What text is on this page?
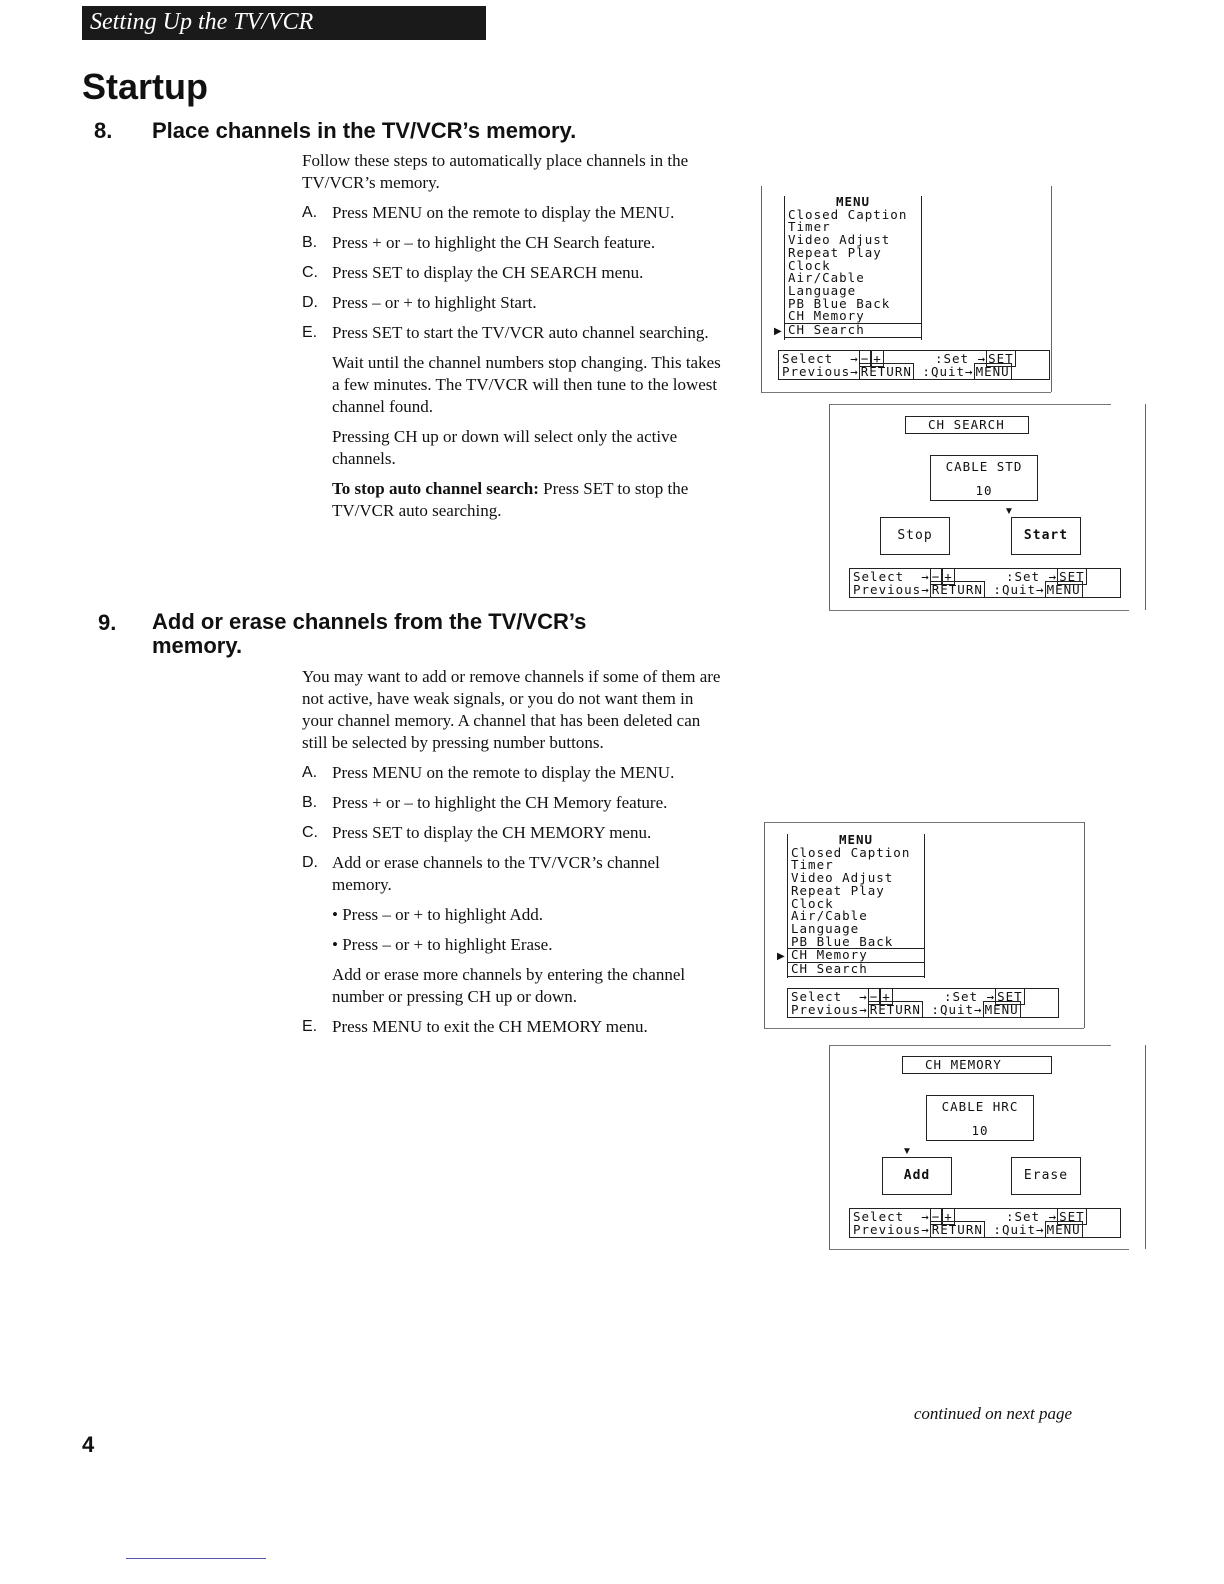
Setting Up the TV/VCR
Startup
8. Place channels in the TV/VCR’s memory.

Follow these steps to automatically place channels in the TV/VCR’s memory.

A. Press MENU on the remote to display the MENU.
B. Press + or – to highlight the CH Search feature.
C. Press SET to display the CH SEARCH menu.
D. Press – or + to highlight Start.
E. Press SET to start the TV/VCR auto channel searching.

Wait until the channel numbers stop changing. This takes a few minutes. The TV/VCR will then tune to the lowest channel found.

Pressing CH up or down will select only the active channels.

To stop auto channel search: Press SET to stop the TV/VCR auto searching.

9. Add or erase channels from the TV/VCR’s
memory.

You may want to add or remove channels if some of them are not active, have weak signals, or you do not want them in your channel memory. A channel that has been deleted can still be selected by pressing number buttons.

A. Press MENU on the remote to display the MENU.
B. Press + or – to highlight the CH Memory feature.
C. Press SET to display the CH MEMORY menu.
D. Add or erase channels to the TV/VCR’s channel memory.

• Press – or + to highlight Add.

• Press – or + to highlight Erase.

Add or erase more channels by entering the channel number or pressing CH up or down.

E. Press MENU to exit the CH MEMORY menu.
MENU
Closed Caption
Timer
Video Adjust
Repeat Play
Clock
Air/Cable
Language
PB Blue Back
CH Memory
CH Search
▶
Select  → − +	:Set → SET
Previous→ RETURN :Quit→ MENU
CH SEARCH
CABLE STD
10
▼
Stop	Start
Select  → − +	:Set → SET
Previous→ RETURN :Quit→ MENU
MENU
Closed Caption
Timer
Video Adjust
Repeat Play
Clock
Air/Cable
Language
PB Blue Back
CH Memory
CH Search
▶
Select  → − +	:Set → SET
Previous→ RETURN :Quit→ MENU
CH MEMORY
CABLE HRC
10
▼
Add	Erase
Select  → − +	:Set → SET
Previous→ RETURN :Quit→ MENU
continued on next page
4
